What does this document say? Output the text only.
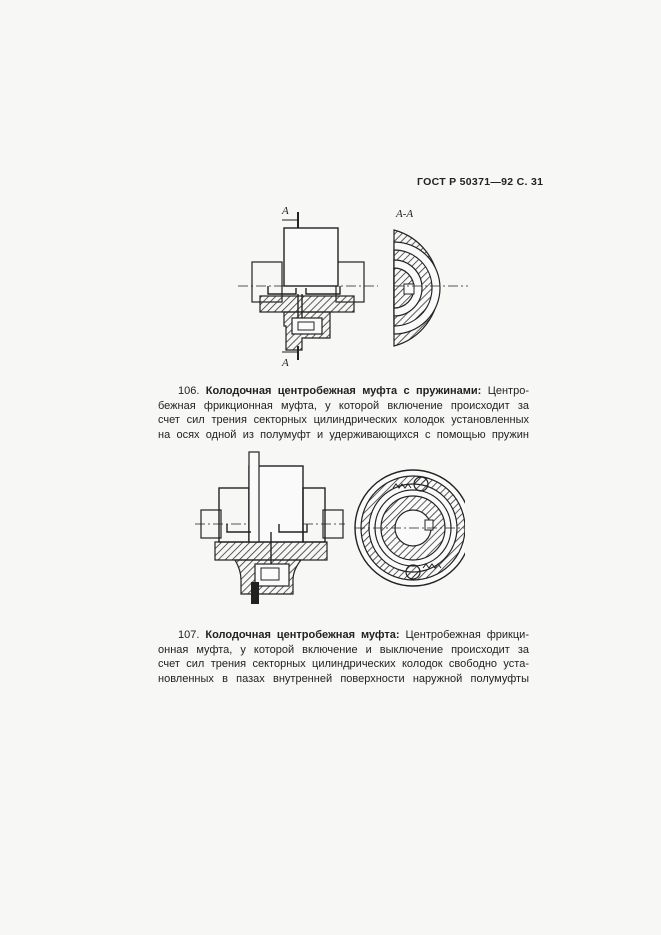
ГОСТ Р 50371—92 С. 31
A
A
А-А
106. Колодочная центробежная муфта с пружинами: Центро-
бежная фрикционная муфта, у которой включение происходит за
счет сил трения секторных цилиндрических колодок установленных
на осях одной из полумуфт и удерживающихся с помощью пружин
107. Колодочная центробежная муфта: Центробежная фрикци-
онная муфта, у которой включение и выключение происходит за
счет сил трения секторных цилиндрических колодок свободно уста-
новленных в пазах внутренней поверхности наружной полумуфты
